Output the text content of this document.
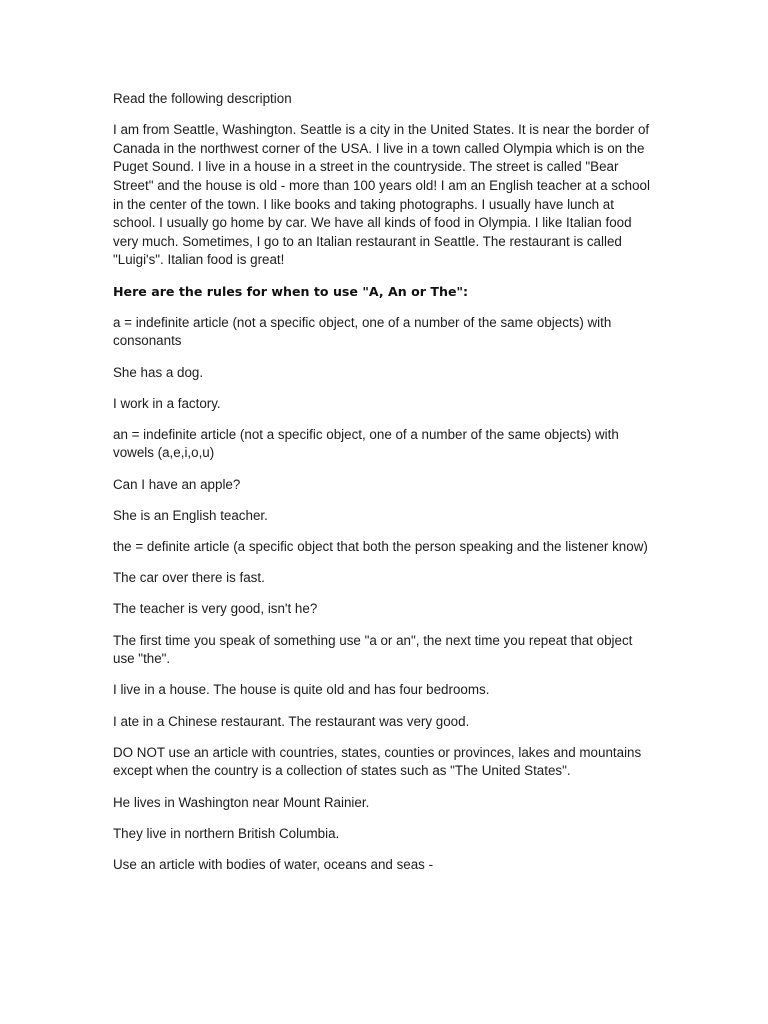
Read the following description

I am from Seattle, Washington. Seattle is a city in the United States. It is near the border of Canada in the northwest corner of the USA. I live in a town called Olympia which is on the Puget Sound. I live in a house in a street in the countryside. The street is called "Bear Street" and the house is old - more than 100 years old! I am an English teacher at a school in the center of the town. I like books and taking photographs. I usually have lunch at school. I usually go home by car. We have all kinds of food in Olympia. I like Italian food very much. Sometimes, I go to an Italian restaurant in Seattle. The restaurant is called "Luigi's". Italian food is great!

Here are the rules for when to use "A, An or The":

a = indefinite article (not a specific object, one of a number of the same objects) with consonants

She has a dog.

I work in a factory.

an = indefinite article (not a specific object, one of a number of the same objects) with vowels (a,e,i,o,u)

Can I have an apple?

She is an English teacher.

the = definite article (a specific object that both the person speaking and the listener know)

The car over there is fast.

The teacher is very good, isn't he?

The first time you speak of something use "a or an", the next time you repeat that object use "the".

I live in a house. The house is quite old and has four bedrooms.

I ate in a Chinese restaurant. The restaurant was very good.

DO NOT use an article with countries, states, counties or provinces, lakes and mountains except when the country is a collection of states such as "The United States".

He lives in Washington near Mount Rainier.

They live in northern British Columbia.

Use an article with bodies of water, oceans and seas -
